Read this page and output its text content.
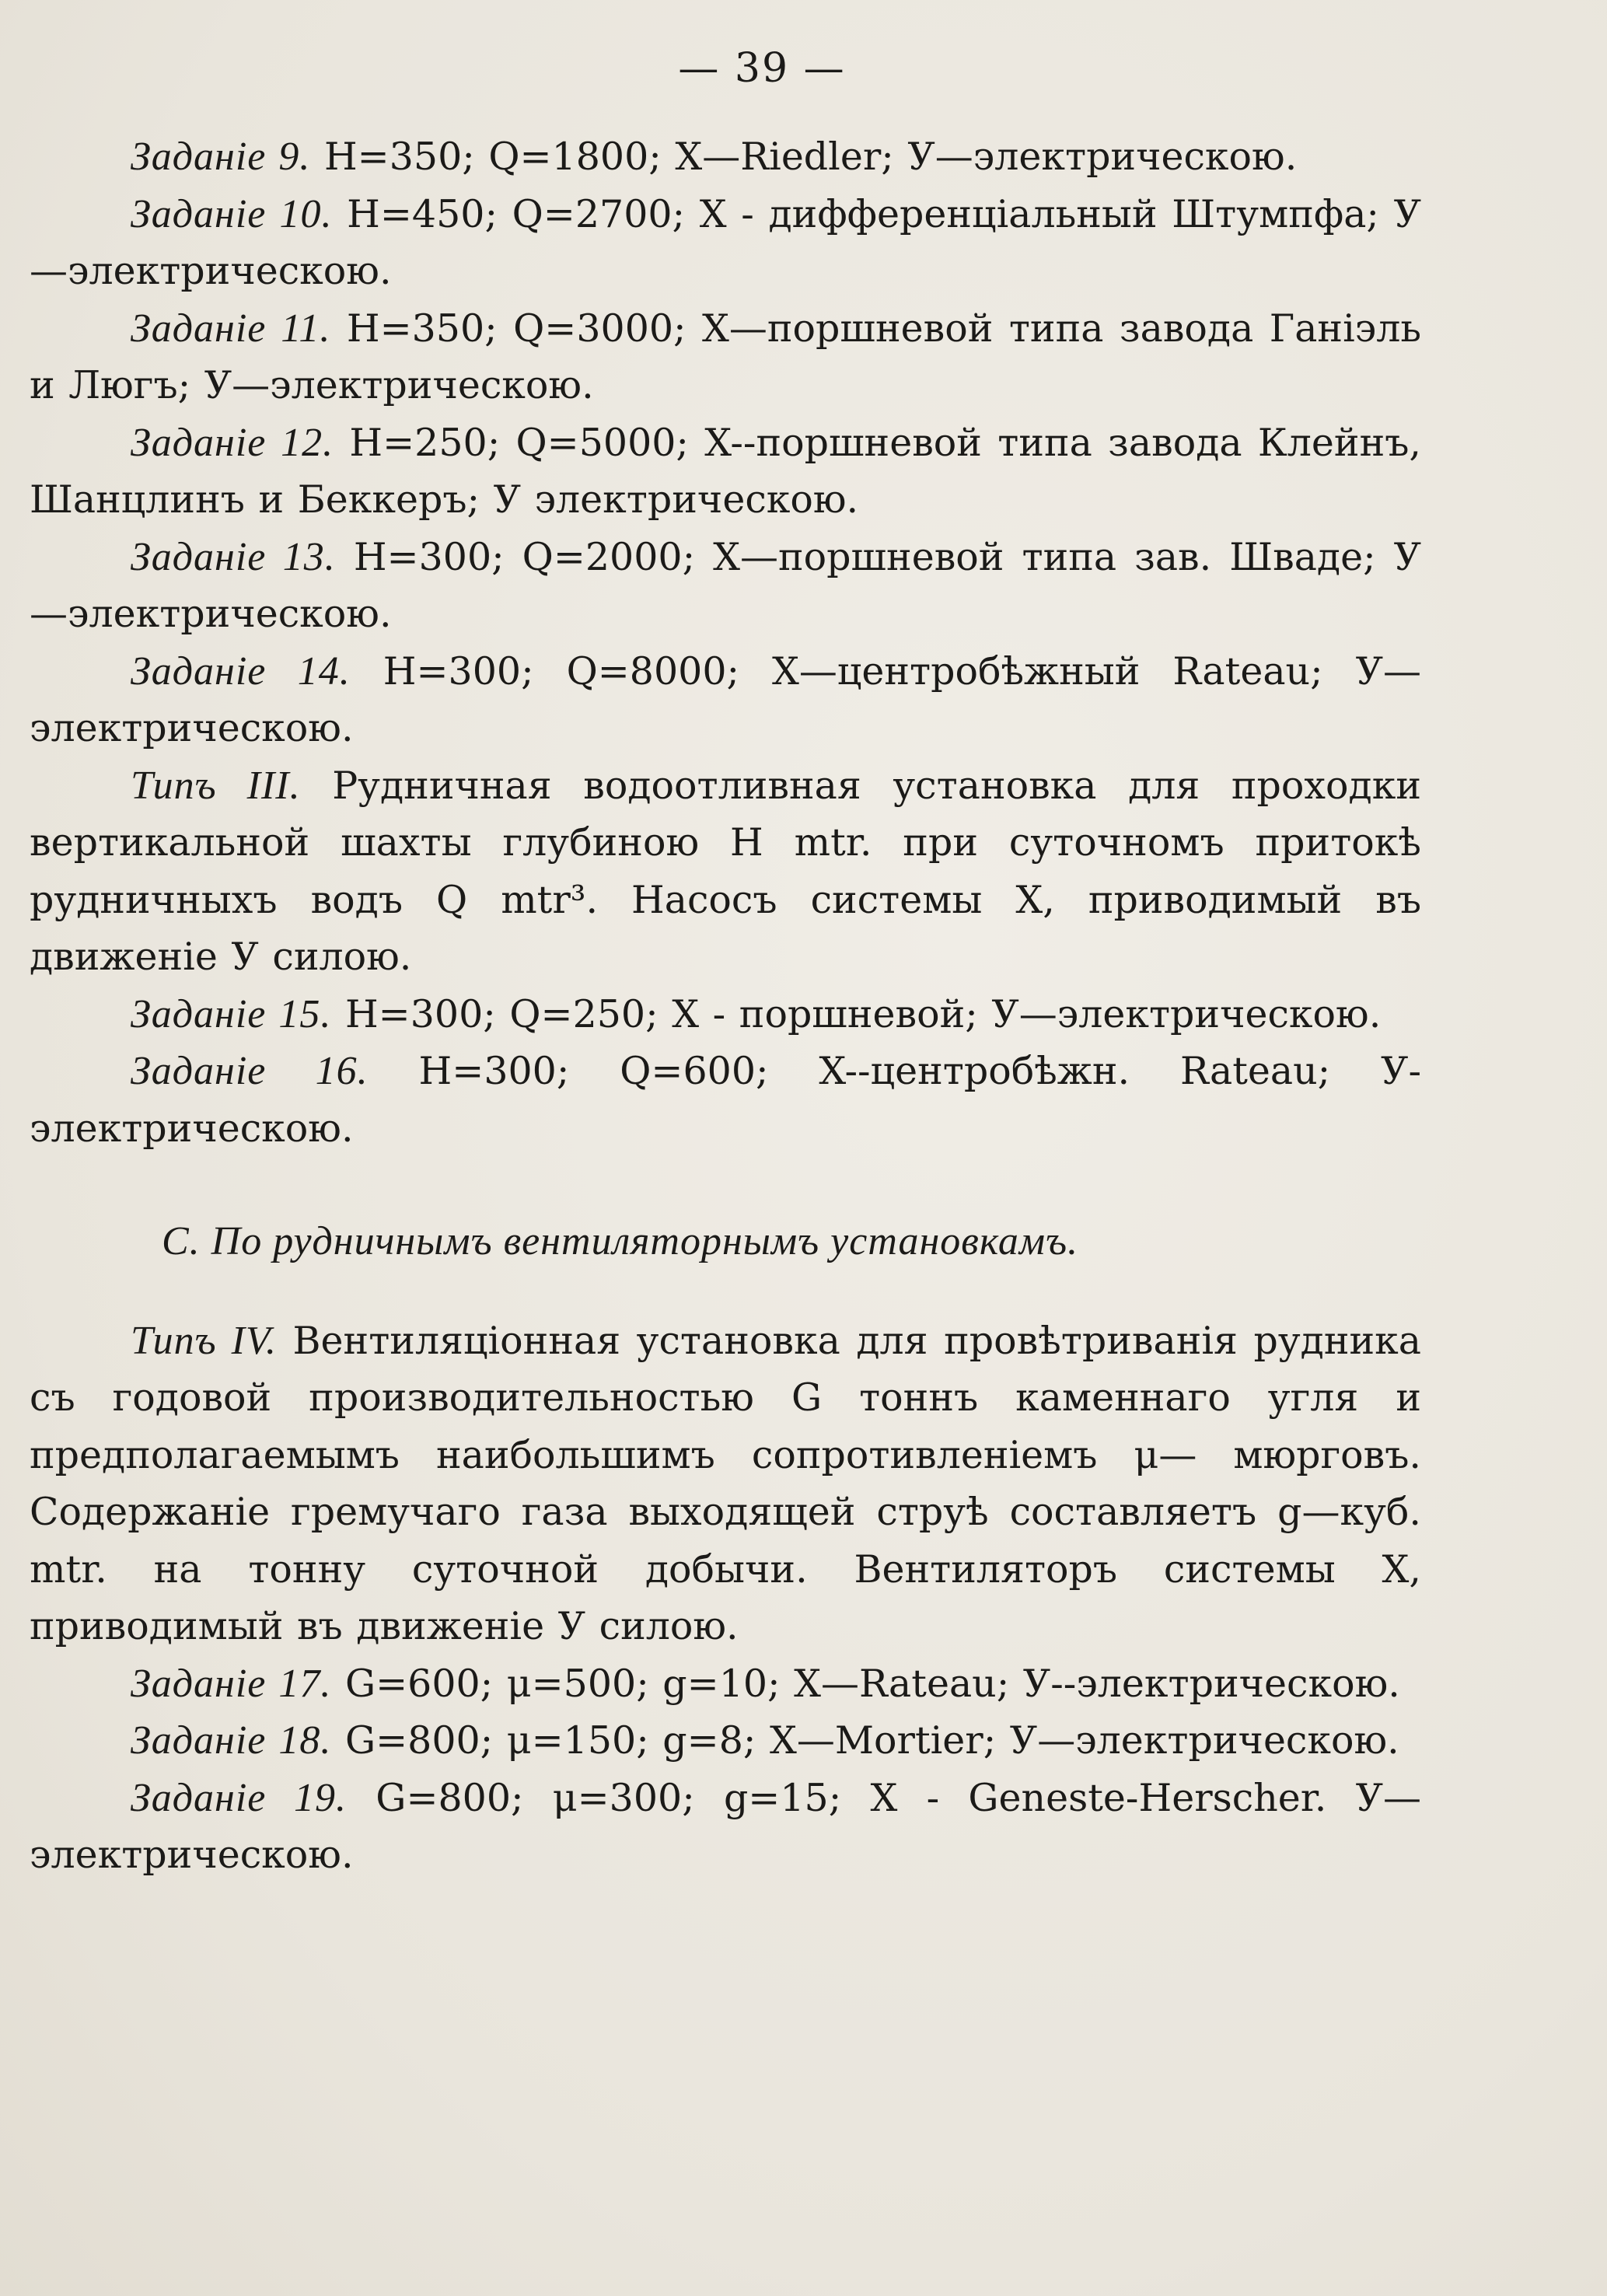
— 39 —

Заданіе 9. H=350; Q=1800; X—Riedler; У—электрическою.

Заданіе 10. H=450; Q=2700; X - дифференціальный Штумпфа; У—электрическою.

Заданіе 11. H=350; Q=3000; X—поршневой типа завода Ганіэль и Люгъ; У—электрическою.

Заданіе 12. H=250; Q=5000; X--поршневой типа завода Клейнъ, Шанцлинъ и Беккеръ; У электрическою.

Заданіе 13. H=300; Q=2000; X—поршневой типа зав. Шваде; У—электрическою.

Заданіе 14. H=300; Q=8000; X—центробѣжный Rateau; У—электрическою.

Типъ III. Рудничная водоотливная установка для проходки вертикальной шахты глубиною H mtr. при суточномъ притокѣ рудничныхъ водъ Q mtr³. Насосъ системы X, приводимый въ движеніе У силою.

Заданіе 15. H=300; Q=250; X - поршневой; У—электрическою.

Заданіе 16. H=300; Q=600; X--центробѣжн. Rateau; У- электрическою.

C. По рудничнымъ вентиляторнымъ установкамъ.

Типъ IV. Вентиляціонная установка для провѣтриванія рудника съ годовой производительностью G тоннъ каменнаго угля и предполагаемымъ наибольшимъ сопротивленіемъ μ— мюрговъ. Содержаніе гремучаго газа выходящей струѣ составляетъ g—куб. mtr. на тонну суточной добычи. Вентиляторъ системы X, приводимый въ движеніе У силою.

Заданіе 17. G=600; μ=500; g=10; X—Rateau; У--электрическою.

Заданіе 18. G=800; μ=150; g=8; X—Mortier; У—электрическою.

Заданіе 19. G=800; μ=300; g=15; X - Geneste-Herscher. У—электрическою.
